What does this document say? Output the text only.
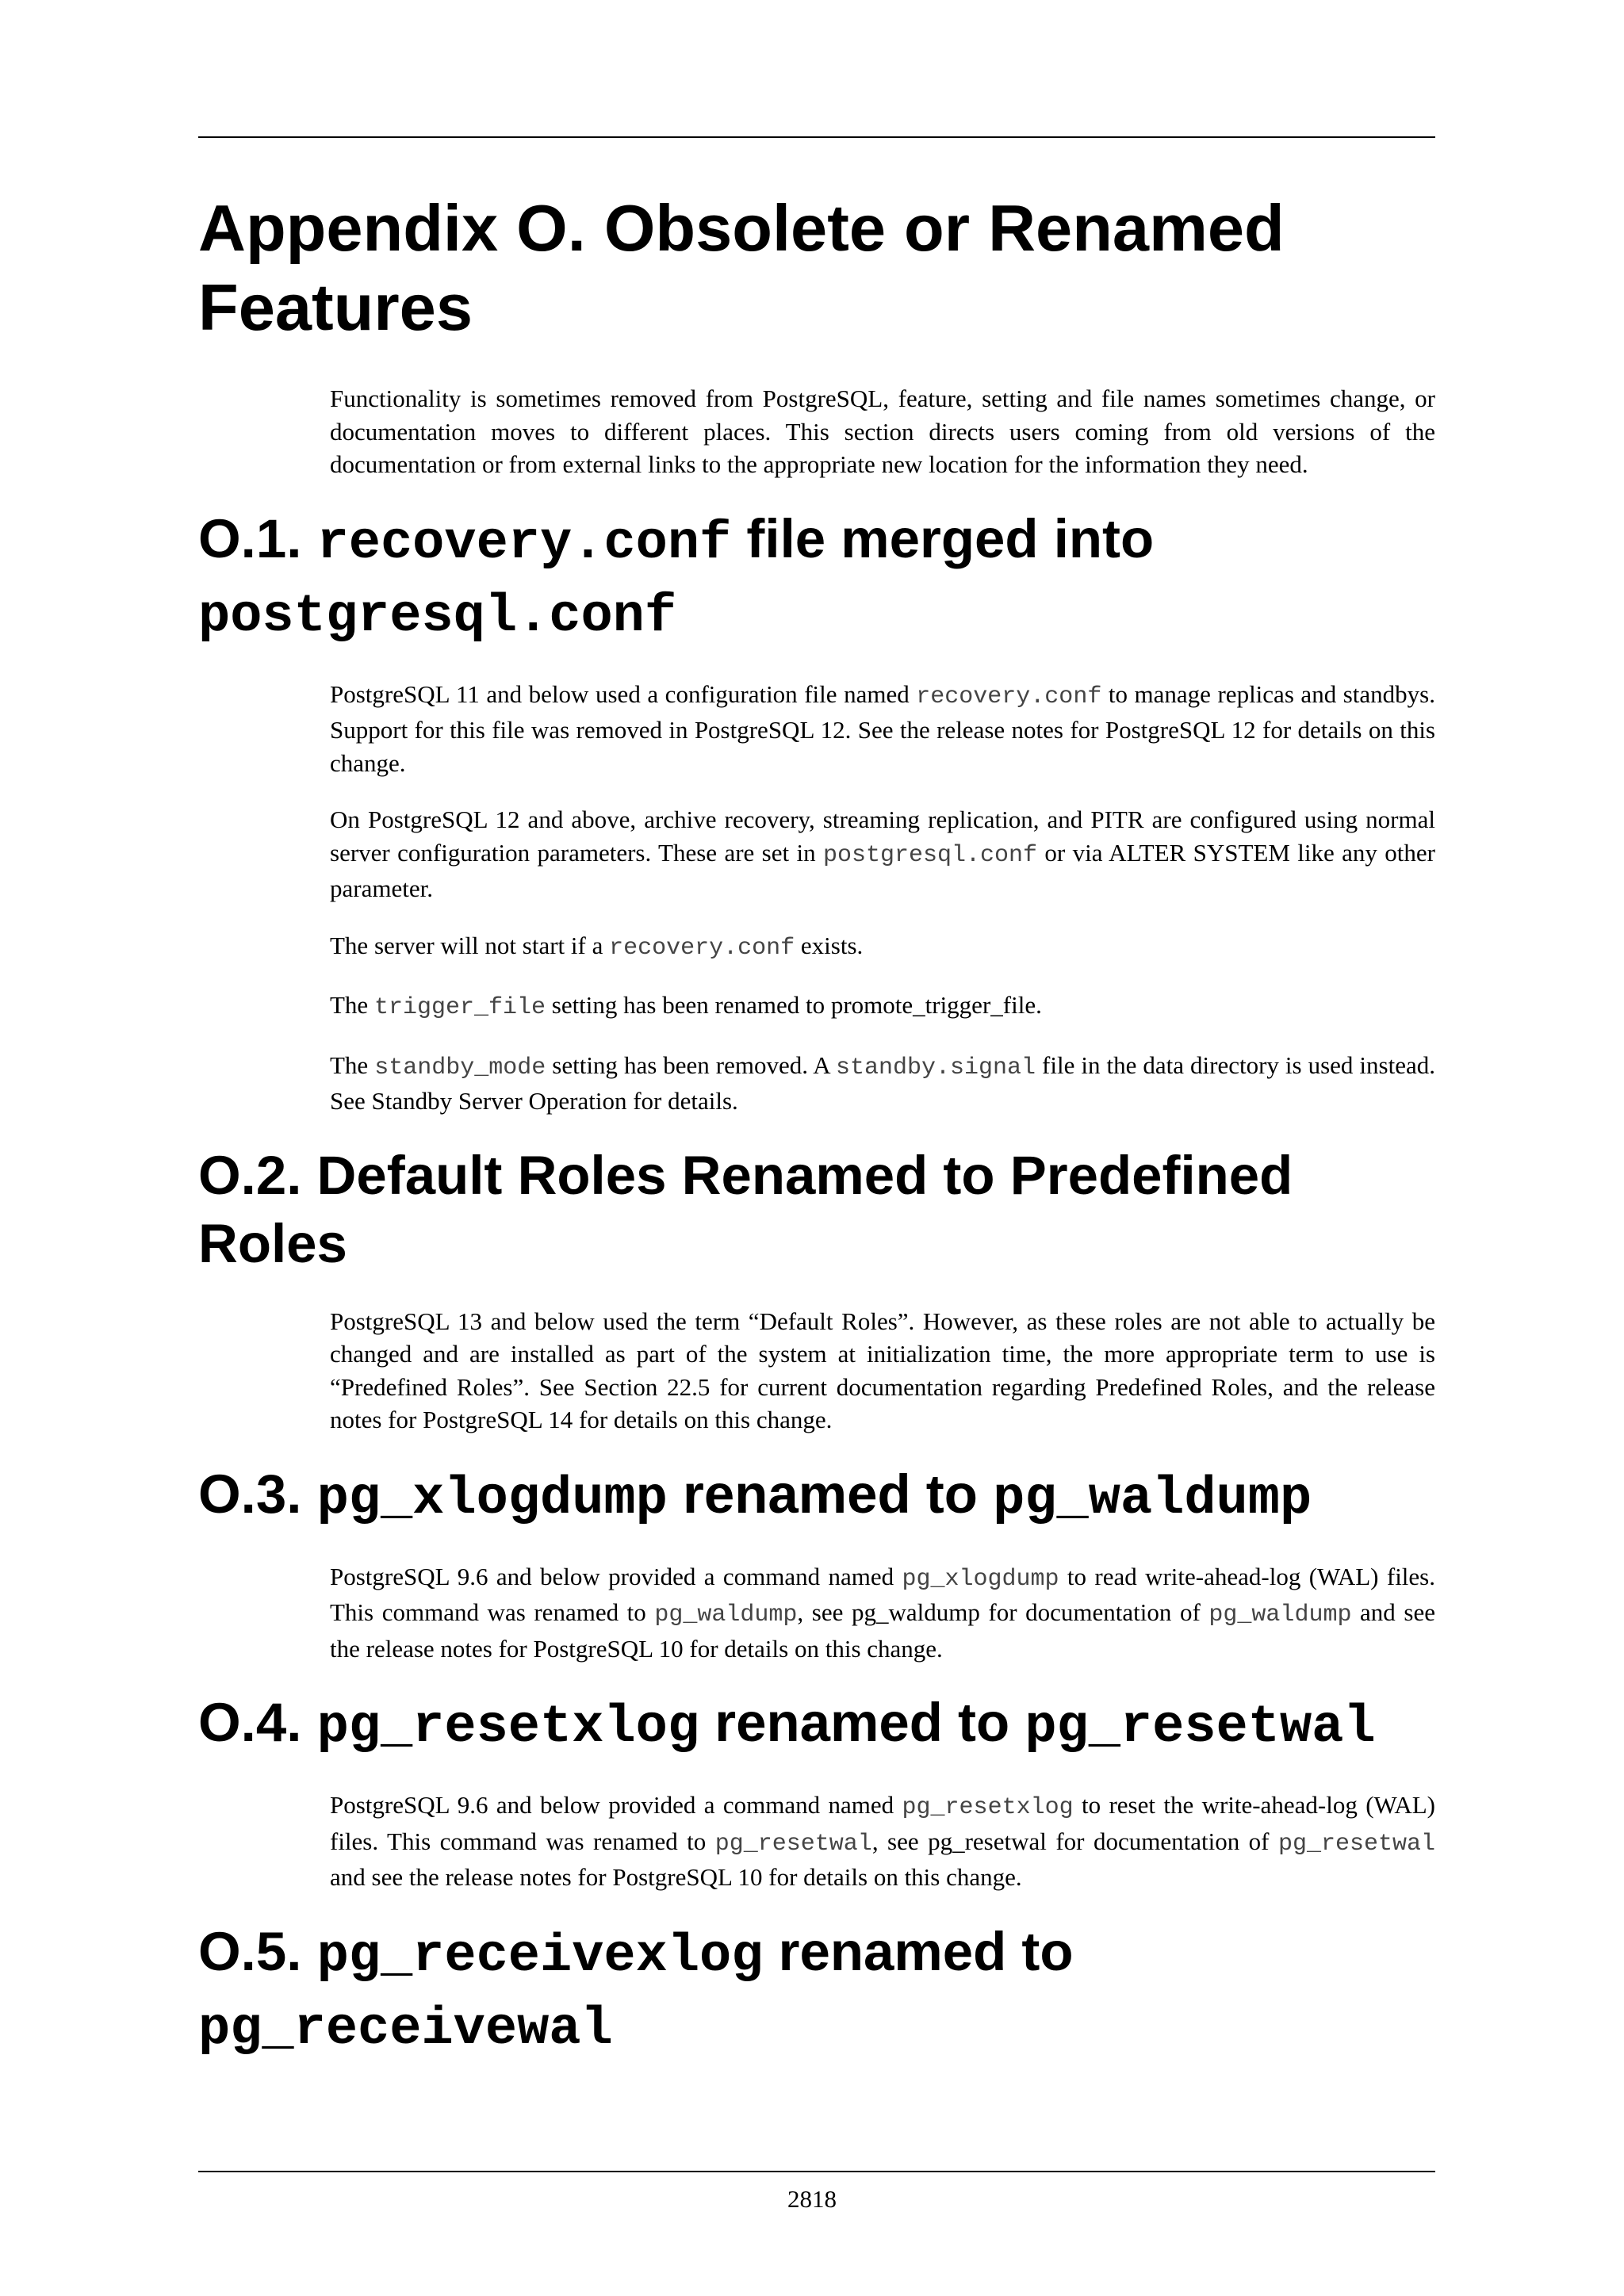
Appendix O. Obsolete or Renamed
Features

Functionality is sometimes removed from PostgreSQL, feature, setting and file names sometimes change, or documentation moves to different places. This section directs users coming from old versions of the documentation or from external links to the appropriate new location for the information they need.

O.1. recovery.conf file merged into postgresql.conf

PostgreSQL 11 and below used a configuration file named recovery.conf to manage replicas and standbys. Support for this file was removed in PostgreSQL 12. See the release notes for PostgreSQL 12 for details on this change.

On PostgreSQL 12 and above, archive recovery, streaming replication, and PITR are configured using normal server configuration parameters. These are set in postgresql.conf or via ALTER SYSTEM like any other parameter.

The server will not start if a recovery.conf exists.

The trigger_file setting has been renamed to promote_trigger_file.

The standby_mode setting has been removed. A standby.signal file in the data directory is used instead. See Standby Server Operation for details.

O.2. Default Roles Renamed to Predefined
Roles

PostgreSQL 13 and below used the term “Default Roles”. However, as these roles are not able to actually be changed and are installed as part of the system at initialization time, the more appropriate term to use is “Predefined Roles”. See Section 22.5 for current documentation regarding Predefined Roles, and the release notes for PostgreSQL 14 for details on this change.

O.3. pg_xlogdump renamed to pg_waldump

PostgreSQL 9.6 and below provided a command named pg_xlogdump to read write-ahead-log (WAL) files. This command was renamed to pg_waldump, see pg_waldump for documentation of pg_waldump and see the release notes for PostgreSQL 10 for details on this change.

O.4. pg_resetxlog renamed to pg_resetwal

PostgreSQL 9.6 and below provided a command named pg_resetxlog to reset the write-ahead-log (WAL) files. This command was renamed to pg_resetwal, see pg_resetwal for documentation of pg_resetwal and see the release notes for PostgreSQL 10 for details on this change.

O.5. pg_receivexlog renamed to pg_receivewal
2818
